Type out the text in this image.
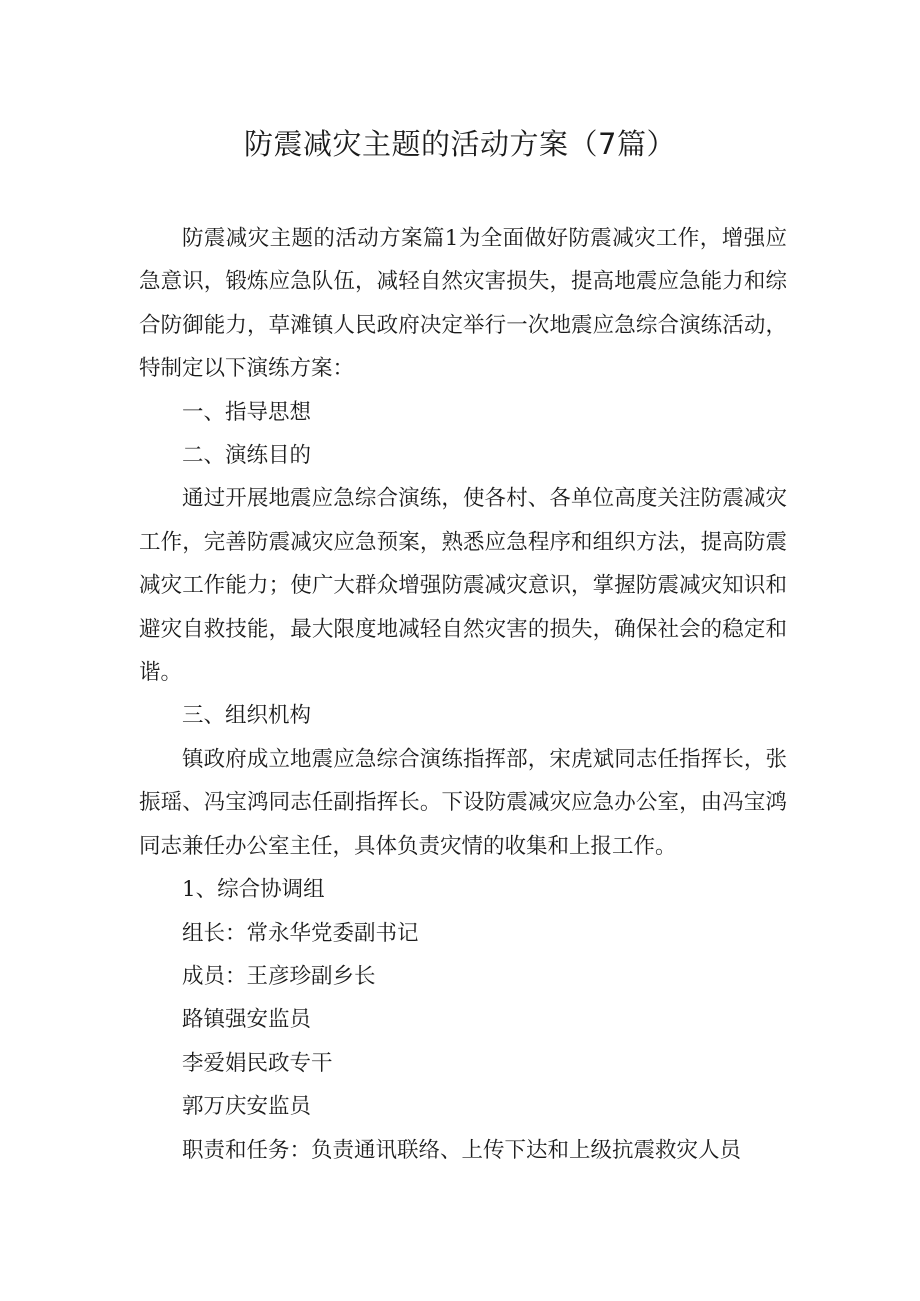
防震减灾主题的活动方案（7篇）

防震减灾主题的活动方案篇1为全面做好防震减灾工作，增强应急意识，锻炼应急队伍，减轻自然灾害损失，提高地震应急能力和综合防御能力，草滩镇人民政府决定举行一次地震应急综合演练活动，特制定以下演练方案：

一、指导思想

二、演练目的

通过开展地震应急综合演练，使各村、各单位高度关注防震减灾工作，完善防震减灾应急预案，熟悉应急程序和组织方法，提高防震减灾工作能力；使广大群众增强防震减灾意识，掌握防震减灾知识和避灾自救技能，最大限度地减轻自然灾害的损失，确保社会的稳定和谐。

三、组织机构

镇政府成立地震应急综合演练指挥部，宋虎斌同志任指挥长，张振瑶、冯宝鸿同志任副指挥长。下设防震减灾应急办公室，由冯宝鸿同志兼任办公室主任，具体负责灾情的收集和上报工作。

1、综合协调组

组长：常永华党委副书记

成员：王彦珍副乡长

路镇强安监员

李爱娟民政专干

郭万庆安监员

职责和任务：负责通讯联络、上传下达和上级抗震救灾人员
